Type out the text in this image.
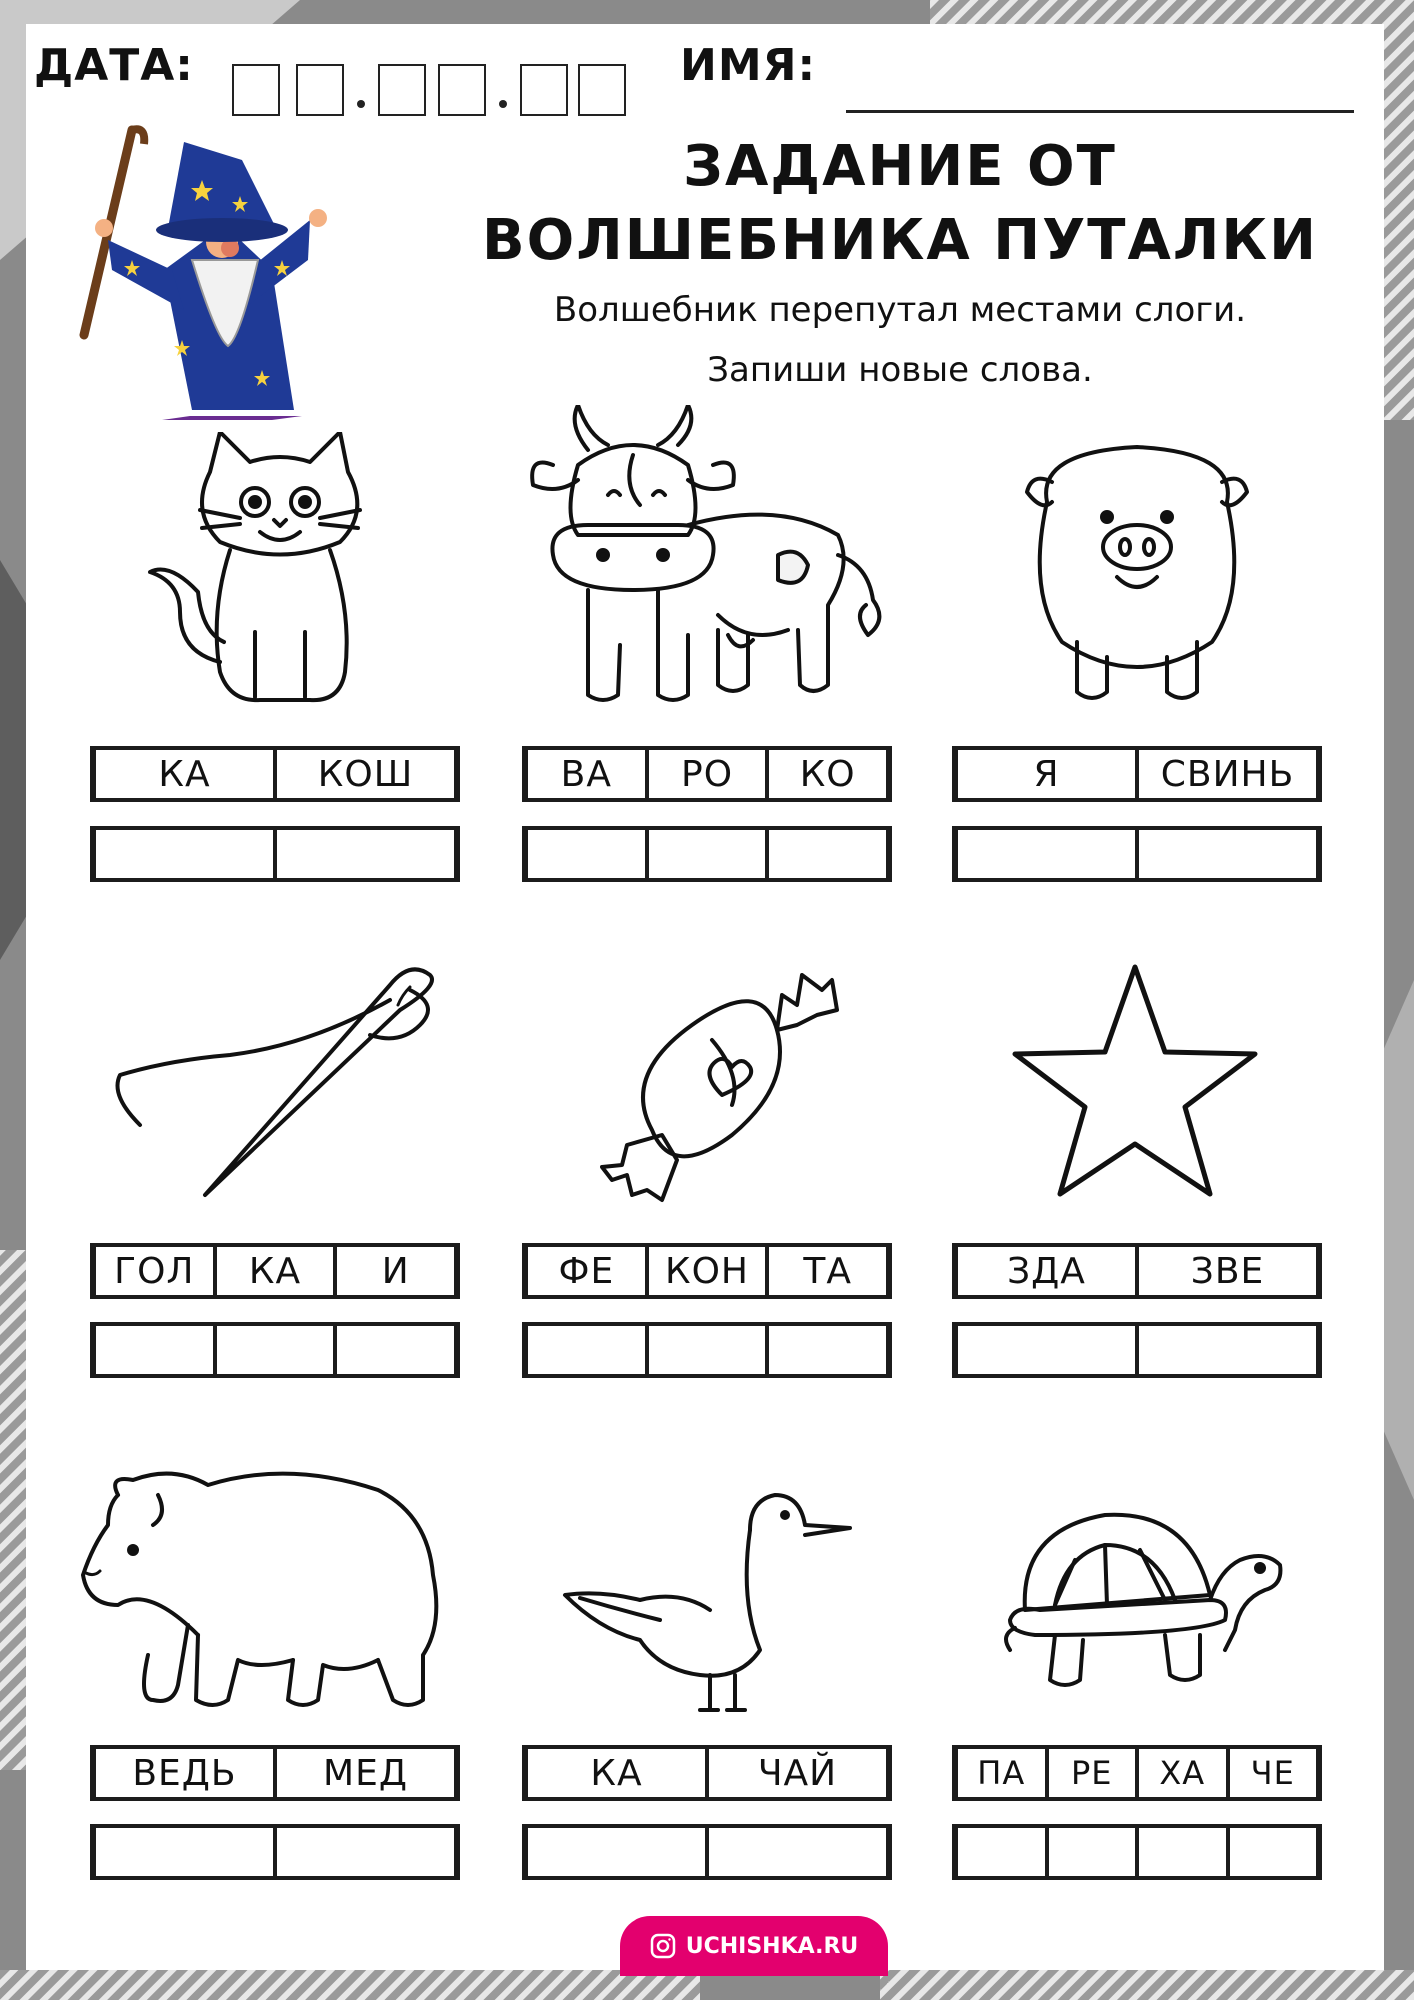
ДАТА:	ИМЯ:
ЗАДАНИЕ ОТ
ВОЛШЕБНИКА ПУТАЛКИ
Волшебник перепутал местами слоги.
Запиши новые слова.
КА	КОШ	ВА	РО	КО	Я	СВИНЬ
ГОЛ	КА	И	ФЕ	КОН	ТА	ЗДА	ЗВЕ
ВЕДЬ	МЕД	КА	ЧАЙ	ПА	РЕ	ХА	ЧЕ
UCHISHKA.RU
